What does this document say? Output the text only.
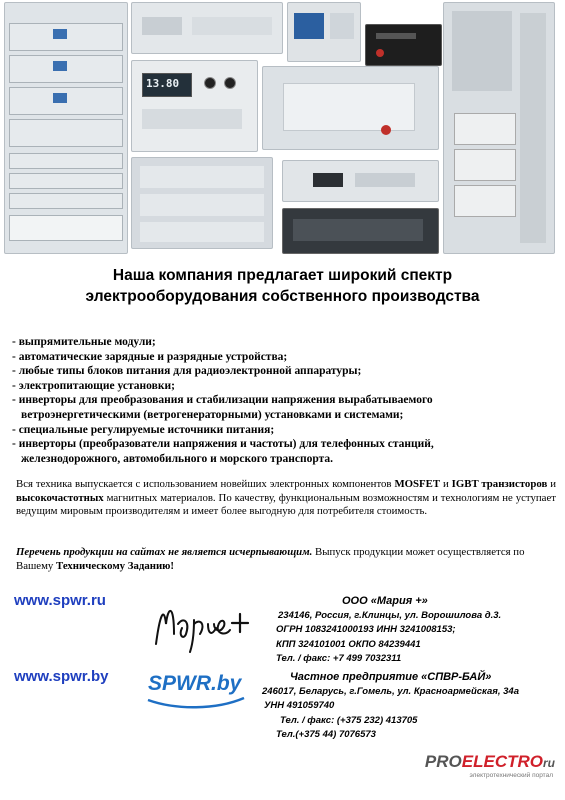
13.80
Наша компания предлагает широкий спектр
электрооборудования собственного производства
- выпрямительные модули;
- автоматические зарядные и разрядные устройства;
- любые типы блоков питания для радиоэлектронной аппаратуры;
- электропитающие установки;
- инверторы для преобразования и стабилизации напряжения вырабатываемого
ветроэнергетическими (ветрогенераторными) установками и системами;
- специальные регулируемые источники питания;
- инверторы (преобразователи напряжения и частоты) для телефонных станций,
железнодорожного, автомобильного и морского транспорта.
Вся техника выпускается с использованием новейших электронных компонентов MOSFET и IGBT транзисторов и высокочастотных магнитных материалов. По качеству, функциональным возможностям и технологиям не уступает ведущим мировым производителям и имеет более выгодную для потребителя стоимость.
Перечень продукции на сайтах не является исчерпывающим. Выпуск продукции может осуществляется по Вашему Техническому Заданию!
www.spwr.ru
www.spwr.by SPWR.by
ООО «Мария +»
234146, Россия, г.Клинцы, ул. Ворошилова д.3.
ОГРН 1083241000193 ИНН 3241008153;
КПП 324101001 ОКПО 84239441
Тел. / факс: +7 499 7032311
Частное предприятие «СПВР-БАЙ»
246017, Беларусь, г.Гомель, ул. Красноармейская, 34а
УНН 491059740
Тел. / факс: (+375 232) 413705
Тел.(+375 44) 7076573
PROELECTROru
электротехнический портал
